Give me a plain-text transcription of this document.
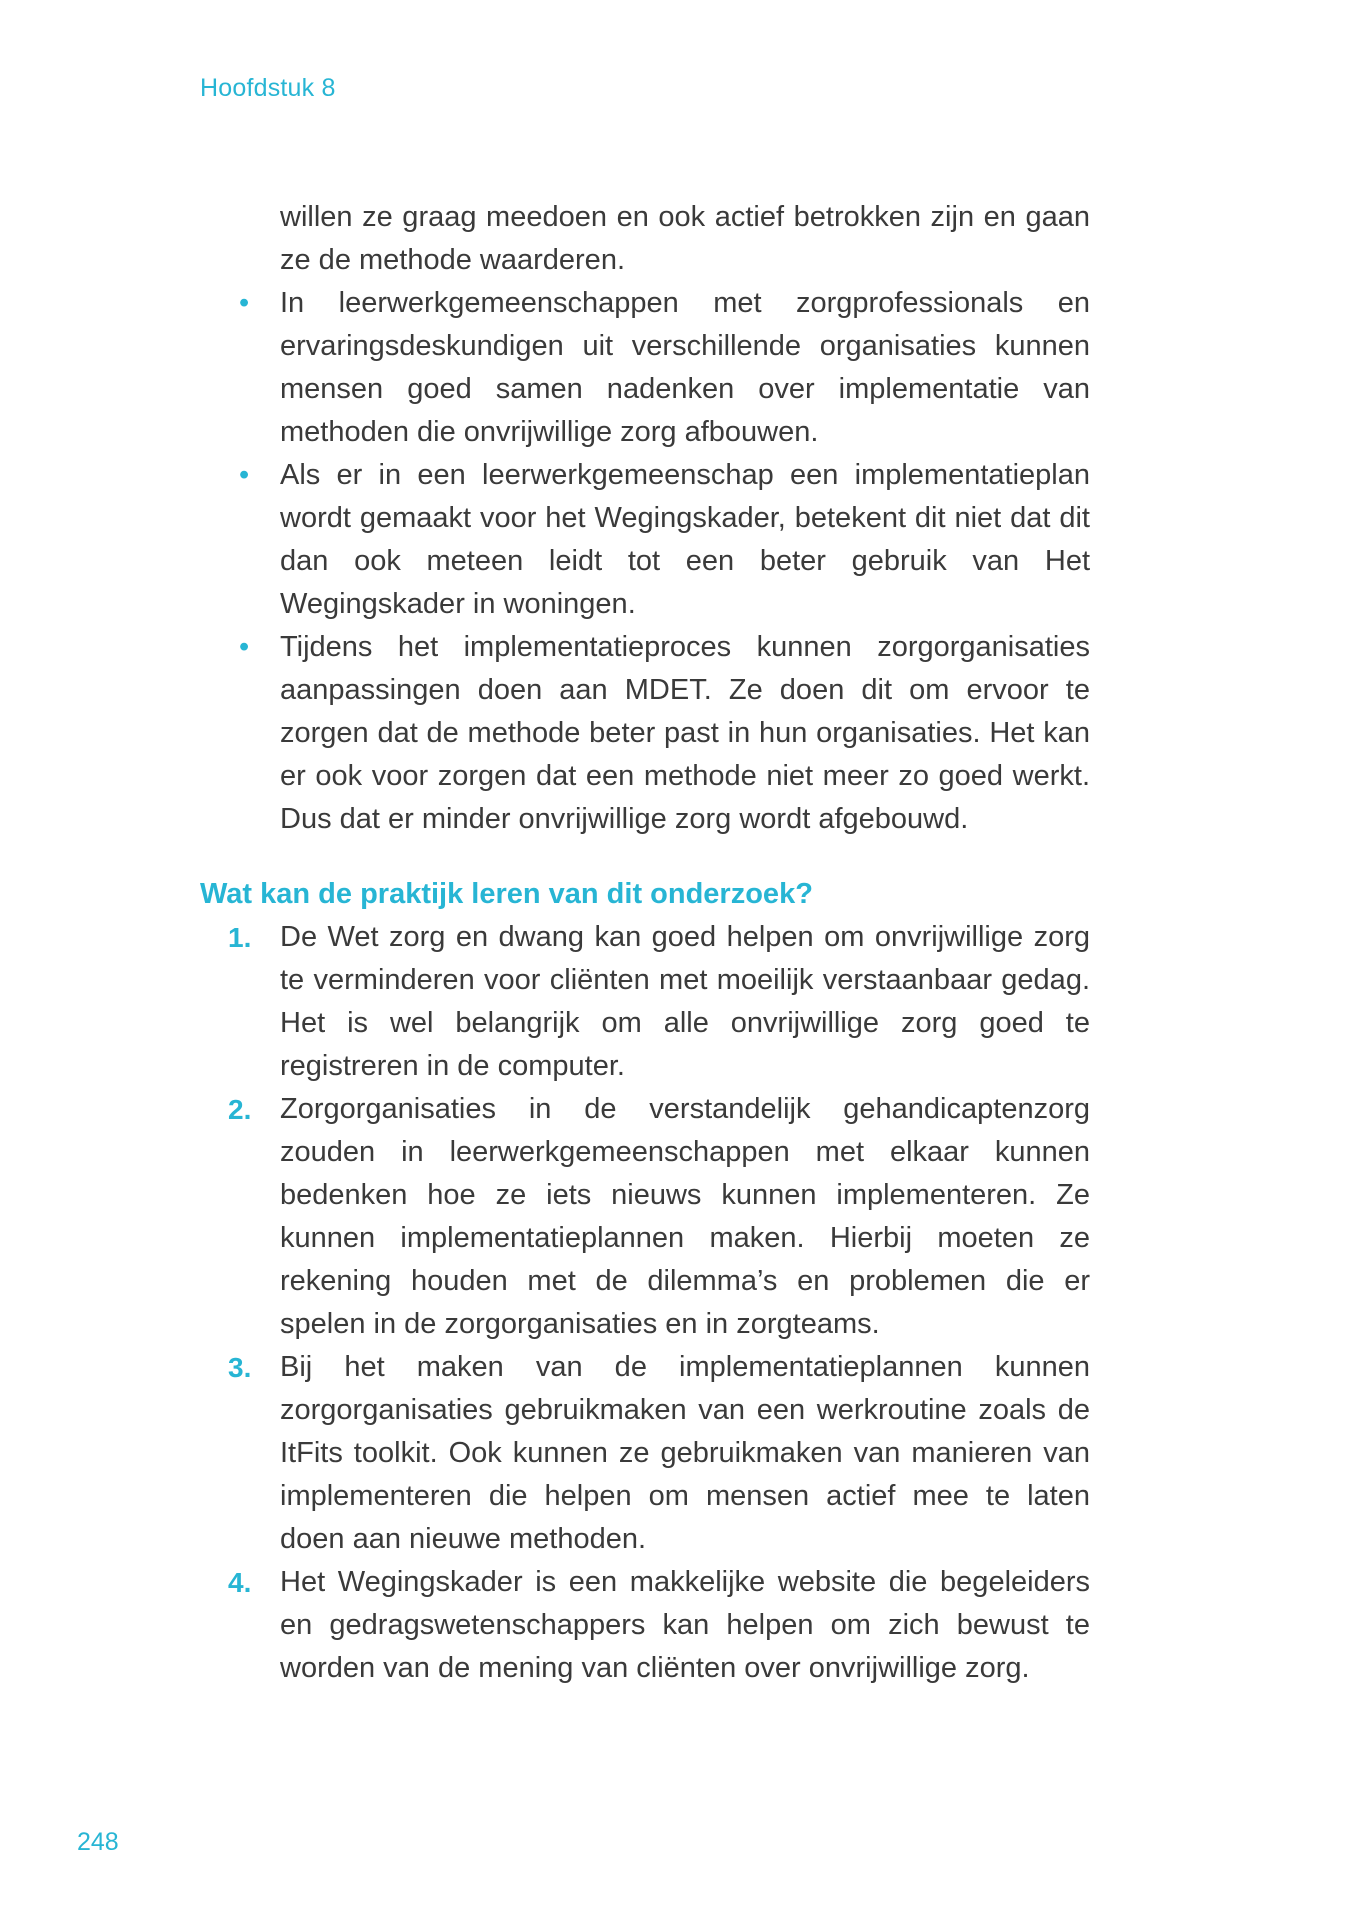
Hoofdstuk 8

willen ze graag meedoen en ook actief betrokken zijn en gaan ze de methode waarderen.

• In leerwerkgemeenschappen met zorgprofessionals en ervaringsdeskundigen uit verschillende organisaties kunnen mensen goed samen nadenken over implementatie van methoden die onvrijwillige zorg afbouwen.
• Als er in een leerwerkgemeenschap een implementatieplan wordt gemaakt voor het Wegingskader, betekent dit niet dat dit dan ook meteen leidt tot een beter gebruik van Het Wegingskader in woningen.
• Tijdens het implementatieproces kunnen zorgorganisaties aanpassingen doen aan MDET. Ze doen dit om ervoor te zorgen dat de methode beter past in hun organisaties. Het kan er ook voor zorgen dat een methode niet meer zo goed werkt. Dus dat er minder onvrijwillige zorg wordt afgebouwd.
Wat kan de praktijk leren van dit onderzoek?
1. De Wet zorg en dwang kan goed helpen om onvrijwillige zorg te verminderen voor cliënten met moeilijk verstaanbaar gedag. Het is wel belangrijk om alle onvrijwillige zorg goed te registreren in de computer.
2. Zorgorganisaties in de verstandelijk gehandicaptenzorg zouden in leerwerkgemeenschappen met elkaar kunnen bedenken hoe ze iets nieuws kunnen implementeren. Ze kunnen implementatieplannen maken. Hierbij moeten ze rekening houden met de dilemma’s en problemen die er spelen in de zorgorganisaties en in zorgteams.
3. Bij het maken van de implementatieplannen kunnen zorgorganisaties gebruikmaken van een werkroutine zoals de ItFits toolkit. Ook kunnen ze gebruikmaken van manieren van implementeren die helpen om mensen actief mee te laten doen aan nieuwe methoden.
4. Het Wegingskader is een makkelijke website die begeleiders en gedragswetenschappers kan helpen om zich bewust te worden van de mening van cliënten over onvrijwillige zorg.
248
